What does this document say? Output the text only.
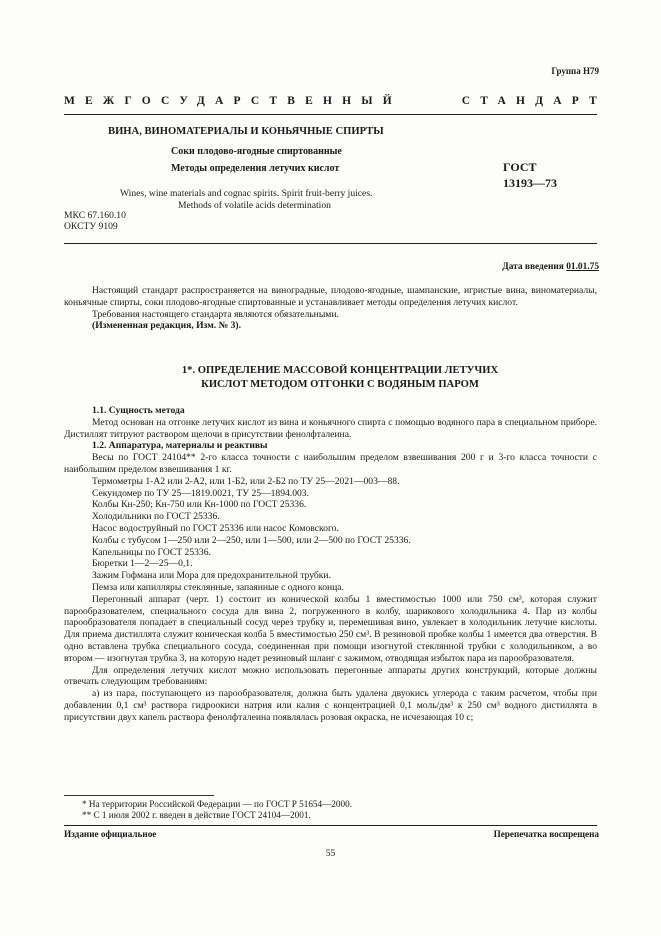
Группа Н79
МЕЖГОСУДАРСТВЕННЫЙ	СТАНДАРТ
ВИНА, ВИНОМАТЕРИАЛЫ И КОНЬЯЧНЫЕ СПИРТЫ
Соки плодово-ягодные спиртованные
Методы определения летучих кислот	ГОСТ
13193—73
Wines, wine materials and cognac spirits. Spirit fruit-berry juices.
Methods of volatile acids determination
МКС 67.160.10
ОКСТУ 9109
Дата введения 01.01.75

Настоящий стандарт распространяется на виноградные, плодово-ягодные, шампанские, игристые вина, виноматериалы, коньячные спирты, соки плодово-ягодные спиртованные и устанавливает методы определения летучих кислот.

Требования настоящего стандарта являются обязательными.

(Измененная редакция, Изм. № 3).

1*. ОПРЕДЕЛЕНИЕ МАССОВОЙ КОНЦЕНТРАЦИИ ЛЕТУЧИХ
КИСЛОТ МЕТОДОМ ОТГОНКИ С ВОДЯНЫМ ПАРОМ

1.1. Сущность метода

Метод основан на отгонке летучих кислот из вина и коньячного спирта с помощью водяного пара в специальном приборе. Дистиллят титруют раствором щелочи в присутствии фенолфталеина.

1.2. Аппаратура, материалы и реактивы

Весы по ГОСТ 24104** 2-го класса точности с наибольшим пределом взвешивания 200 г и 3-го класса точности с наибольшим пределом взвешивания 1 кг.

Термометры 1-А2 или 2-А2, или 1-Б2, или 2-Б2 по ТУ 25—2021—003—88.

Секундомер по ТУ 25—1819.0021, ТУ 25—1894.003.

Колбы Кн-250; Кн-750 или Кн-1000 по ГОСТ 25336.

Холодильники по ГОСТ 25336.

Насос водоструйный по ГОСТ 25336 или насос Комовского.

Колбы с тубусом 1—250 или 2—250, или 1—500, или 2—500 по ГОСТ 25336.

Капельницы по ГОСТ 25336.

Бюретки 1—2—25—0,1.

Зажим Гофмана или Мора для предохранительной трубки.

Пемза или капилляры стеклянные, запаянные с одного конца.

Перегонный аппарат (черт. 1) состоит из конической колбы 1 вместимостью 1000 или 750 см³, которая служит парообразователем, специального сосуда для вина 2, погруженного в колбу, шарикового холодильника 4. Пар из колбы парообразователя попадает в специальный сосуд через трубку и, перемешивая вино, увлекает в холодильник летучие кислоты. Для приема дистиллята служит коническая колба 5 вместимостью 250 см³. В резиновой пробке колбы 1 имеется два отверстия. В одно вставлена трубка специального сосуда, соединенная при помощи изогнутой стеклянной трубки с холодильником, а во втором — изогнутая трубка 3, на которую надет резиновый шланг с зажимом, отводящая избыток пара из парообразователя.

Для определения летучих кислот можно использовать перегонные аппараты других конструкций, которые должны отвечать следующим требованиям:

а) из пара, поступающего из парообразователя, должна быть удалена двуокись углерода с таким расчетом, чтобы при добавлении 0,1 см³ раствора гидроокиси натрия или калия с концентрацией 0,1 моль/дм³ к 250 см³ водного дистиллята в присутствии двух капель раствора фенолфталеина появлялась розовая окраска, не исчезающая 10 с;

* На территории Российской Федерации — по ГОСТ Р 51654—2000.
** С 1 июля 2002 г. введен в действие ГОСТ 24104—2001.
Издание официальное	Перепечатка воспрещена
55
